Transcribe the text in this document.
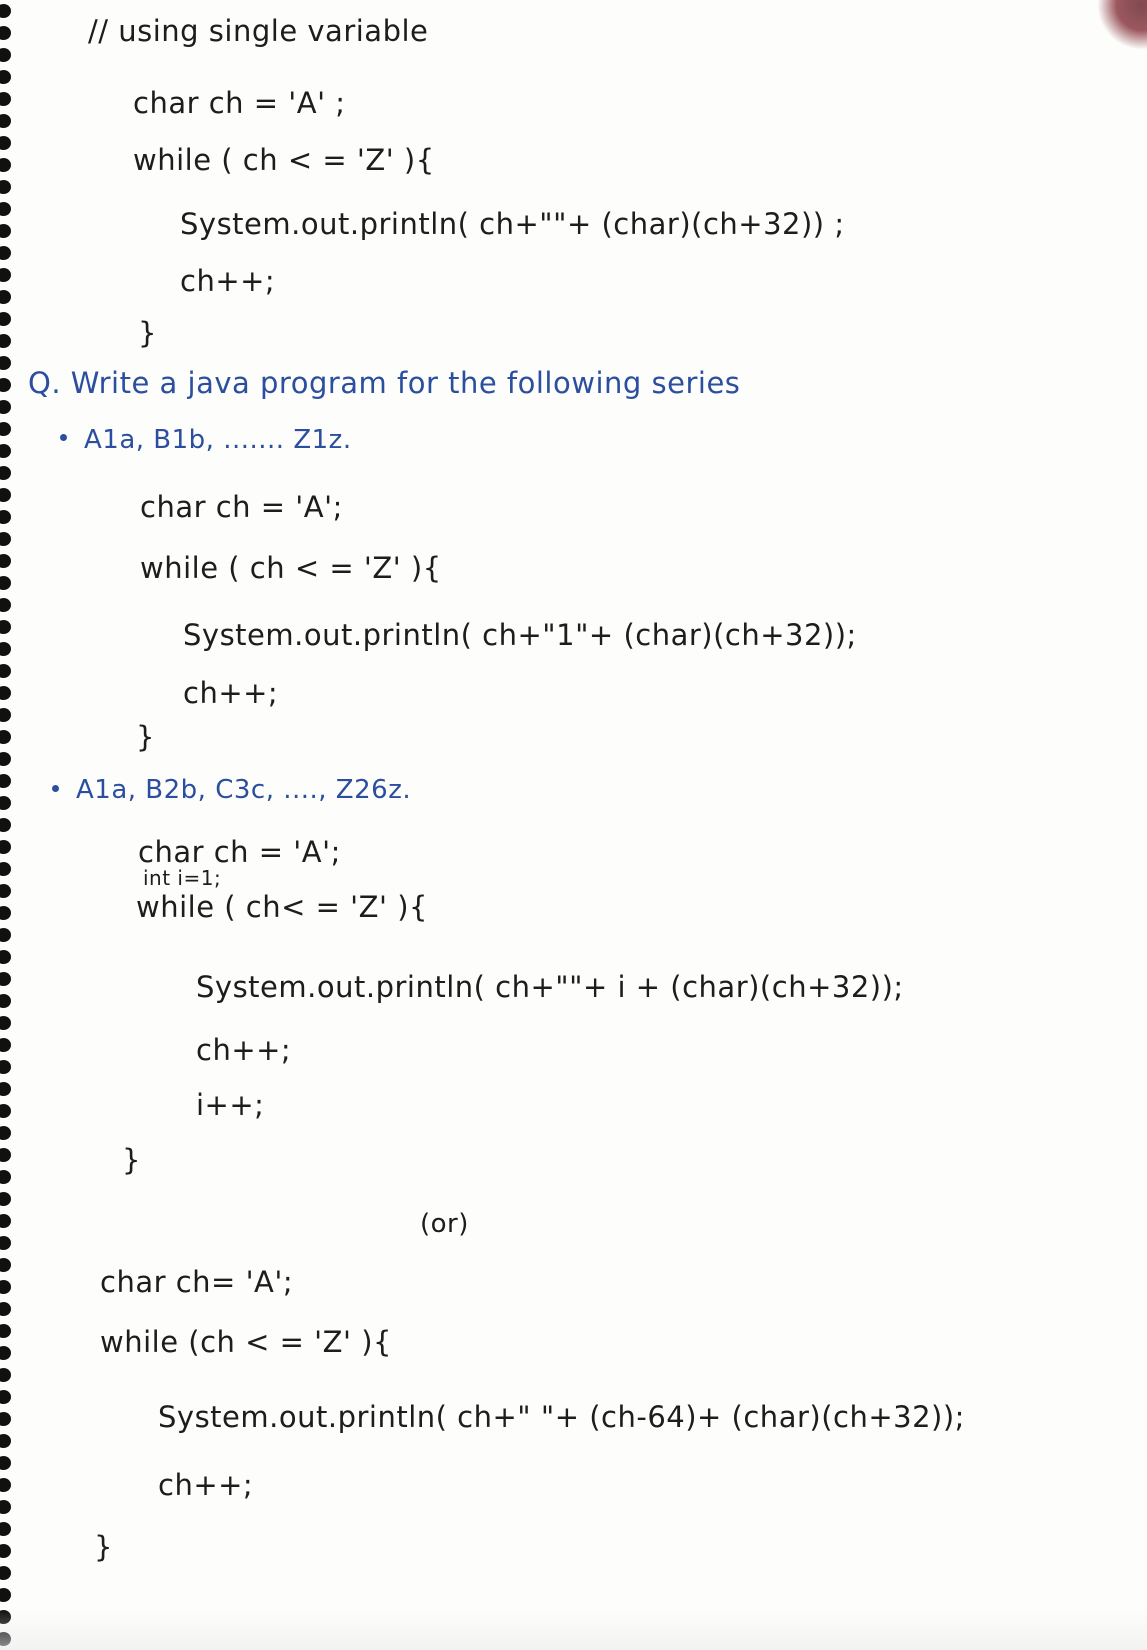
// using single variable
char ch = 'A' ;
while ( ch < = 'Z' ){
System.out.println( ch+""+ (char)(ch+32)) ;
ch++;
}
Q. Write a java program for the following series
A1a, B1b, ....... Z1z.
char ch = 'A';
while ( ch < = 'Z' ){
System.out.println( ch+"1"+ (char)(ch+32));
ch++;
}
A1a, B2b, C3c, ...., Z26z.
char ch = 'A';
int i=1;
while ( ch< = 'Z' ){
System.out.println( ch+""+ i + (char)(ch+32));
ch++;
i++;
}
(or)
char ch= 'A';
while (ch < = 'Z' ){
System.out.println( ch+" "+ (ch-64)+ (char)(ch+32));
ch++;
}
